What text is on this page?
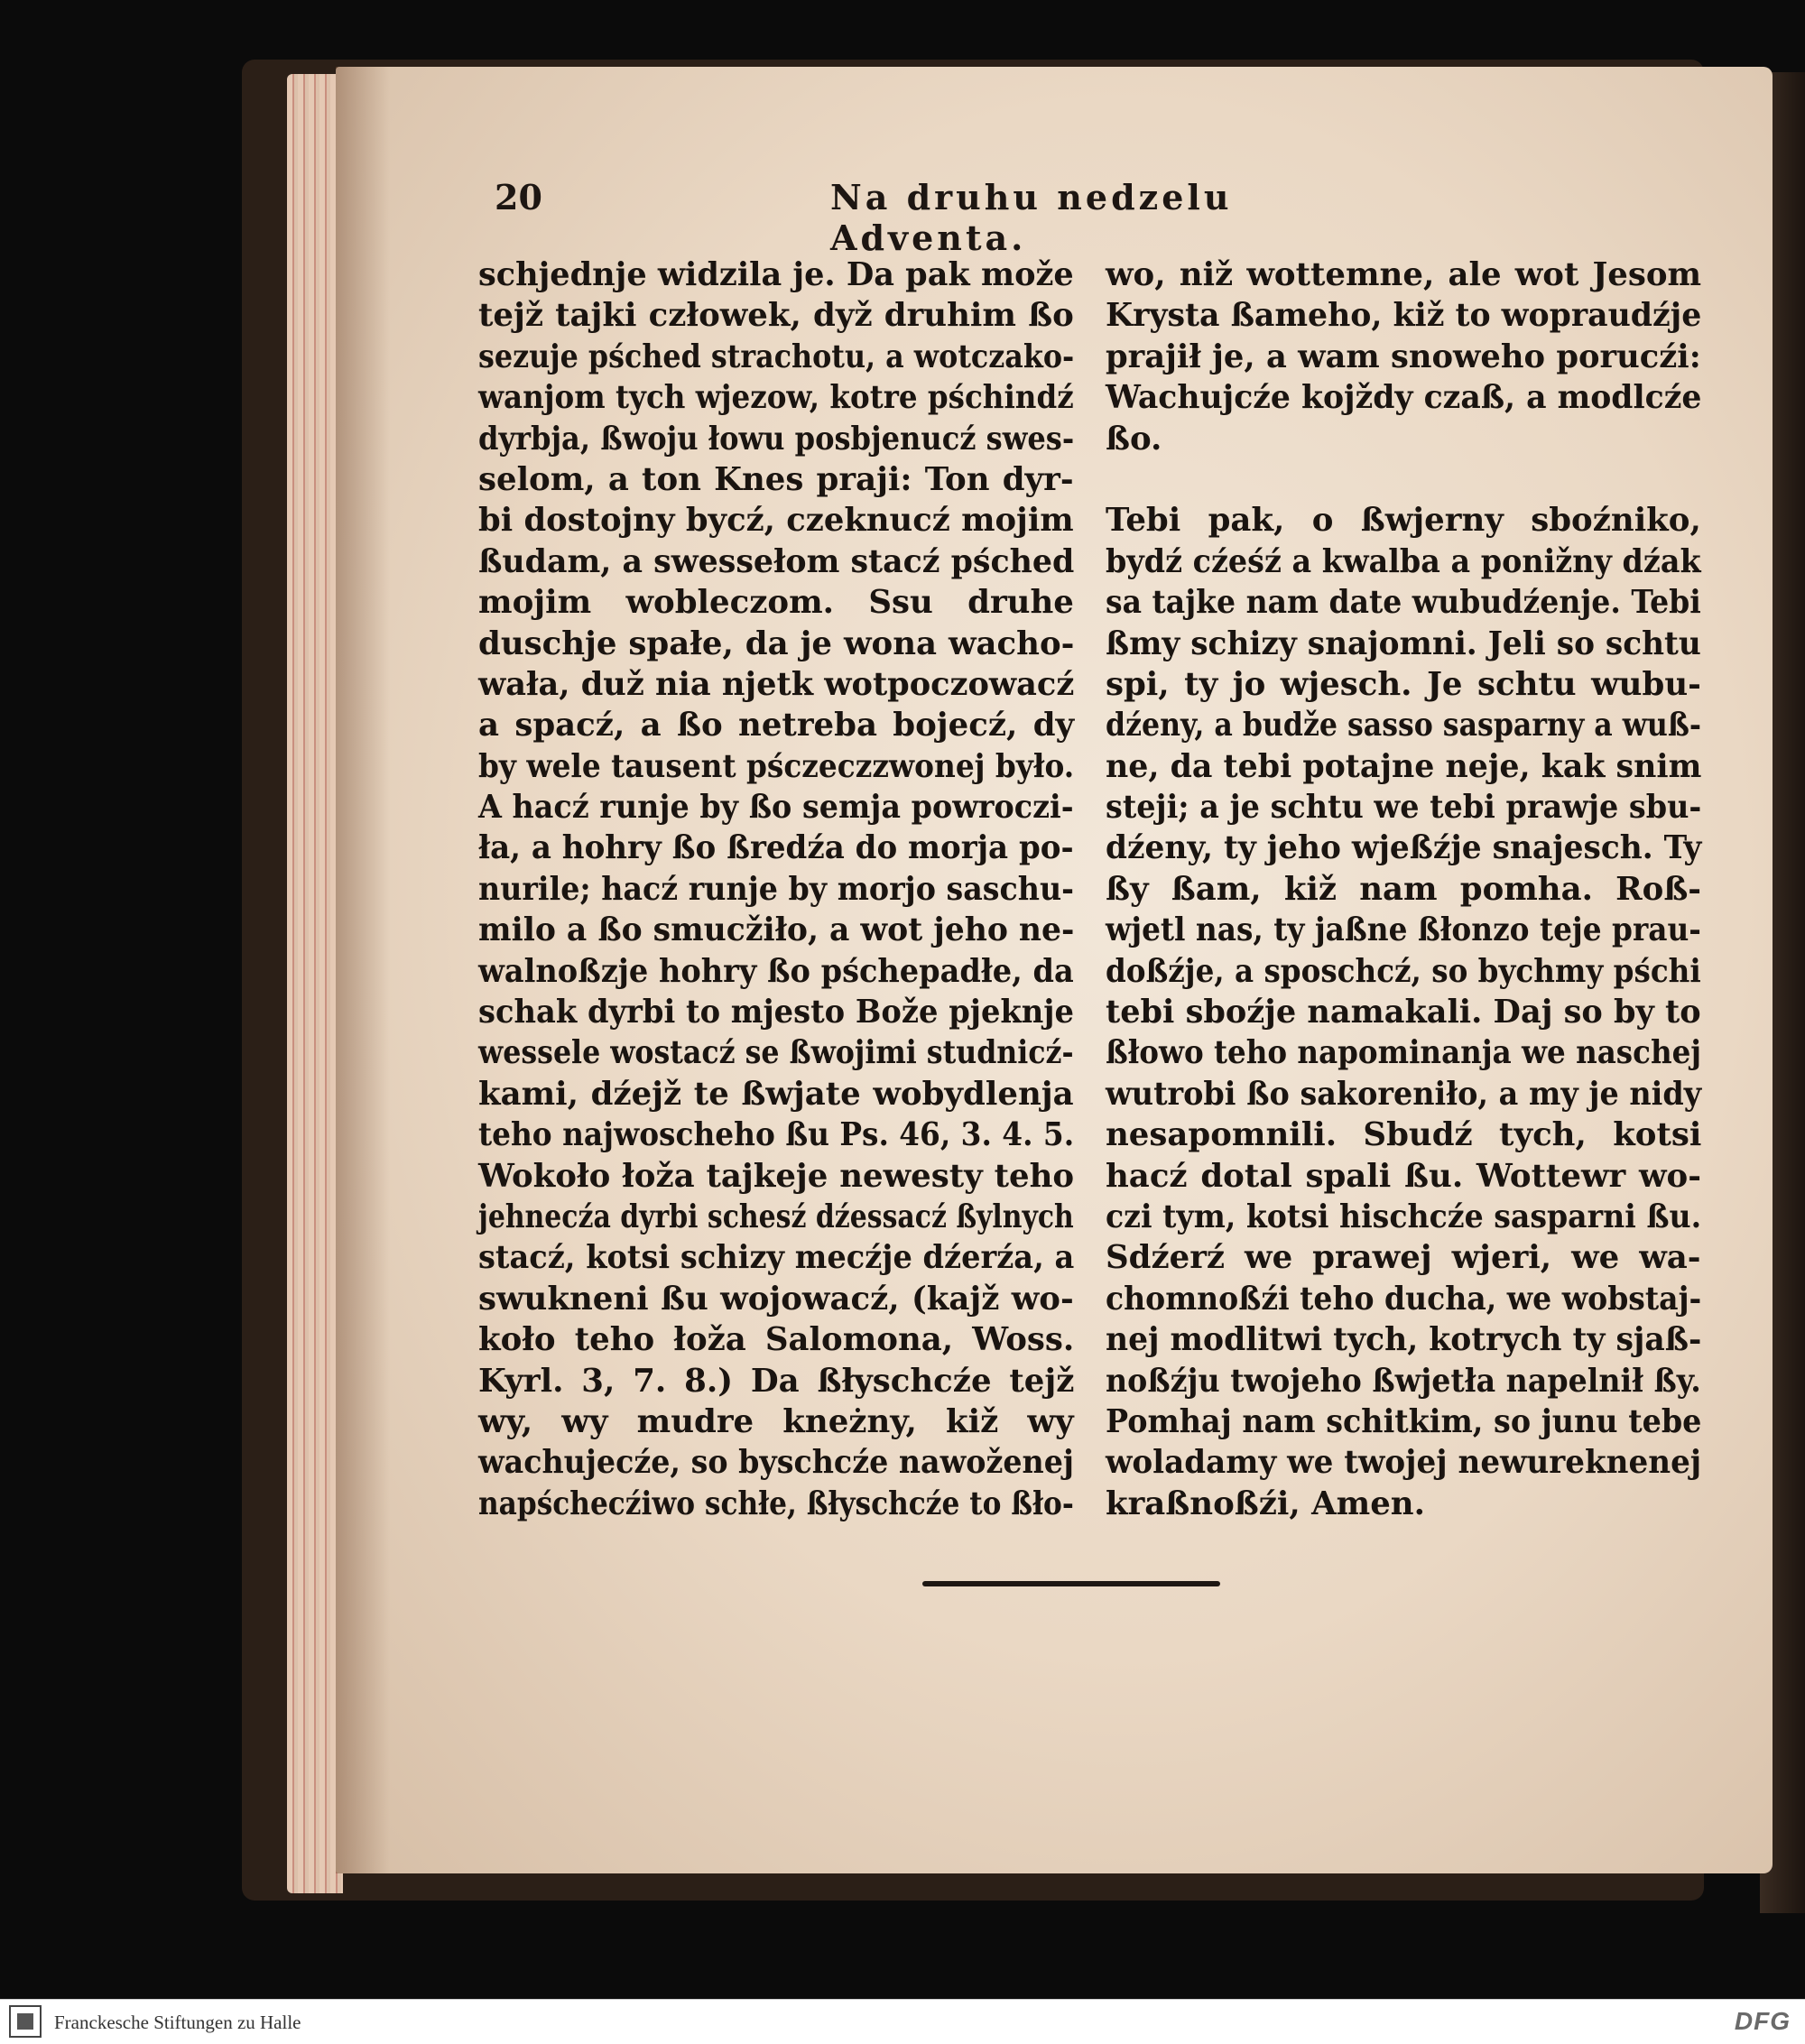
20	Na druhu nedzelu Adventa.
schjednje widzila je. Da pak može
tejž tajki człowek, dyž druhim ßo
sezuje pśched strachotu, a wotczako-
wanjom tych wjezow, kotre pśchindź
dyrbja, ßwoju łowu posbjenucź swes-
selom, a ton Knes praji: Ton dyr-
bi dostojny bycź, czeknucź mojim
ßudam, a swessełom stacź pśched
mojim wobleczom. Ssu druhe
duschje spałe, da je wona wacho-
wała, duž nia njetk wotpoczowacź
a spacź, a ßo netreba bojecź, dy
by wele tausent pśczeczzwonej było.
A hacź runje by ßo semja powroczi-
ła, a hohry ßo ßredźa do morja po-
nurile; hacź runje by morjo saschu-
milo a ßo smucžiło, a wot jeho ne-
walnoßzje hohry ßo pśchepadłe, da
schak dyrbi to mjesto Bože pjeknje
wessele wostacź se ßwojimi studnicź-
kami, dźejž te ßwjate wobydlenja
teho najwoscheho ßu Ps. 46, 3. 4. 5.
Wokoło łoža tajkeje newesty teho
jehnecźa dyrbi schesź dźessacź ßylnych
stacź, kotsi schizy mecźje dźerźa, a
swukneni ßu wojowacź, (kajž wo-
koło teho łoža Salomona, Woss.
Kyrl. 3, 7. 8.) Da ßłyschcźe tejž
wy, wy mudre kneżny, kiž wy
wachujecźe, so byschcźe nawoženej
napśchecźiwo schłe, ßłyschcźe to ßło-
wo, niž wottemne, ale wot Jesom
Krysta ßameho, kiž to wopraudźje
prajił je, a wam snoweho porucźi:
Wachujcźe kojždy czaß, a modlcźe
ßo.
Tebi pak, o ßwjerny sboźniko,
bydź cźeśź a kwalba a ponižny dźak
sa tajke nam date wubudźenje. Tebi
ßmy schizy snajomni. Jeli so schtu
spi, ty jo wjesch. Je schtu wubu-
dźeny, a budže sasso sasparny a wuß-
ne, da tebi potajne neje, kak snim
steji; a je schtu we tebi prawje sbu-
dźeny, ty jeho wjeßźje snajesch. Ty
ßy ßam, kiž nam pomha. Roß-
wjetl nas, ty jaßne ßłonzo teje prau-
doßźje, a sposchcź, so bychmy pśchi
tebi sboźje namakali. Daj so by to
ßłowo teho napominanja we naschej
wutrobi ßo sakoreniło, a my je nidy
nesapomnili. Sbudź tych, kotsi
hacź dotal spali ßu. Wottewr wo-
czi tym, kotsi hischcźe sasparni ßu.
Sdźerź we prawej wjeri, we wa-
chomnoßźi teho ducha, we wobstaj-
nej modlitwi tych, kotrych ty sjaß-
noßźju twojeho ßwjetła napelnił ßy.
Pomhaj nam schitkim, so junu tebe
woladamy we twojej newureknenej
kraßnoßźi, Amen.
Franckesche Stiftungen zu Halle	DFG
